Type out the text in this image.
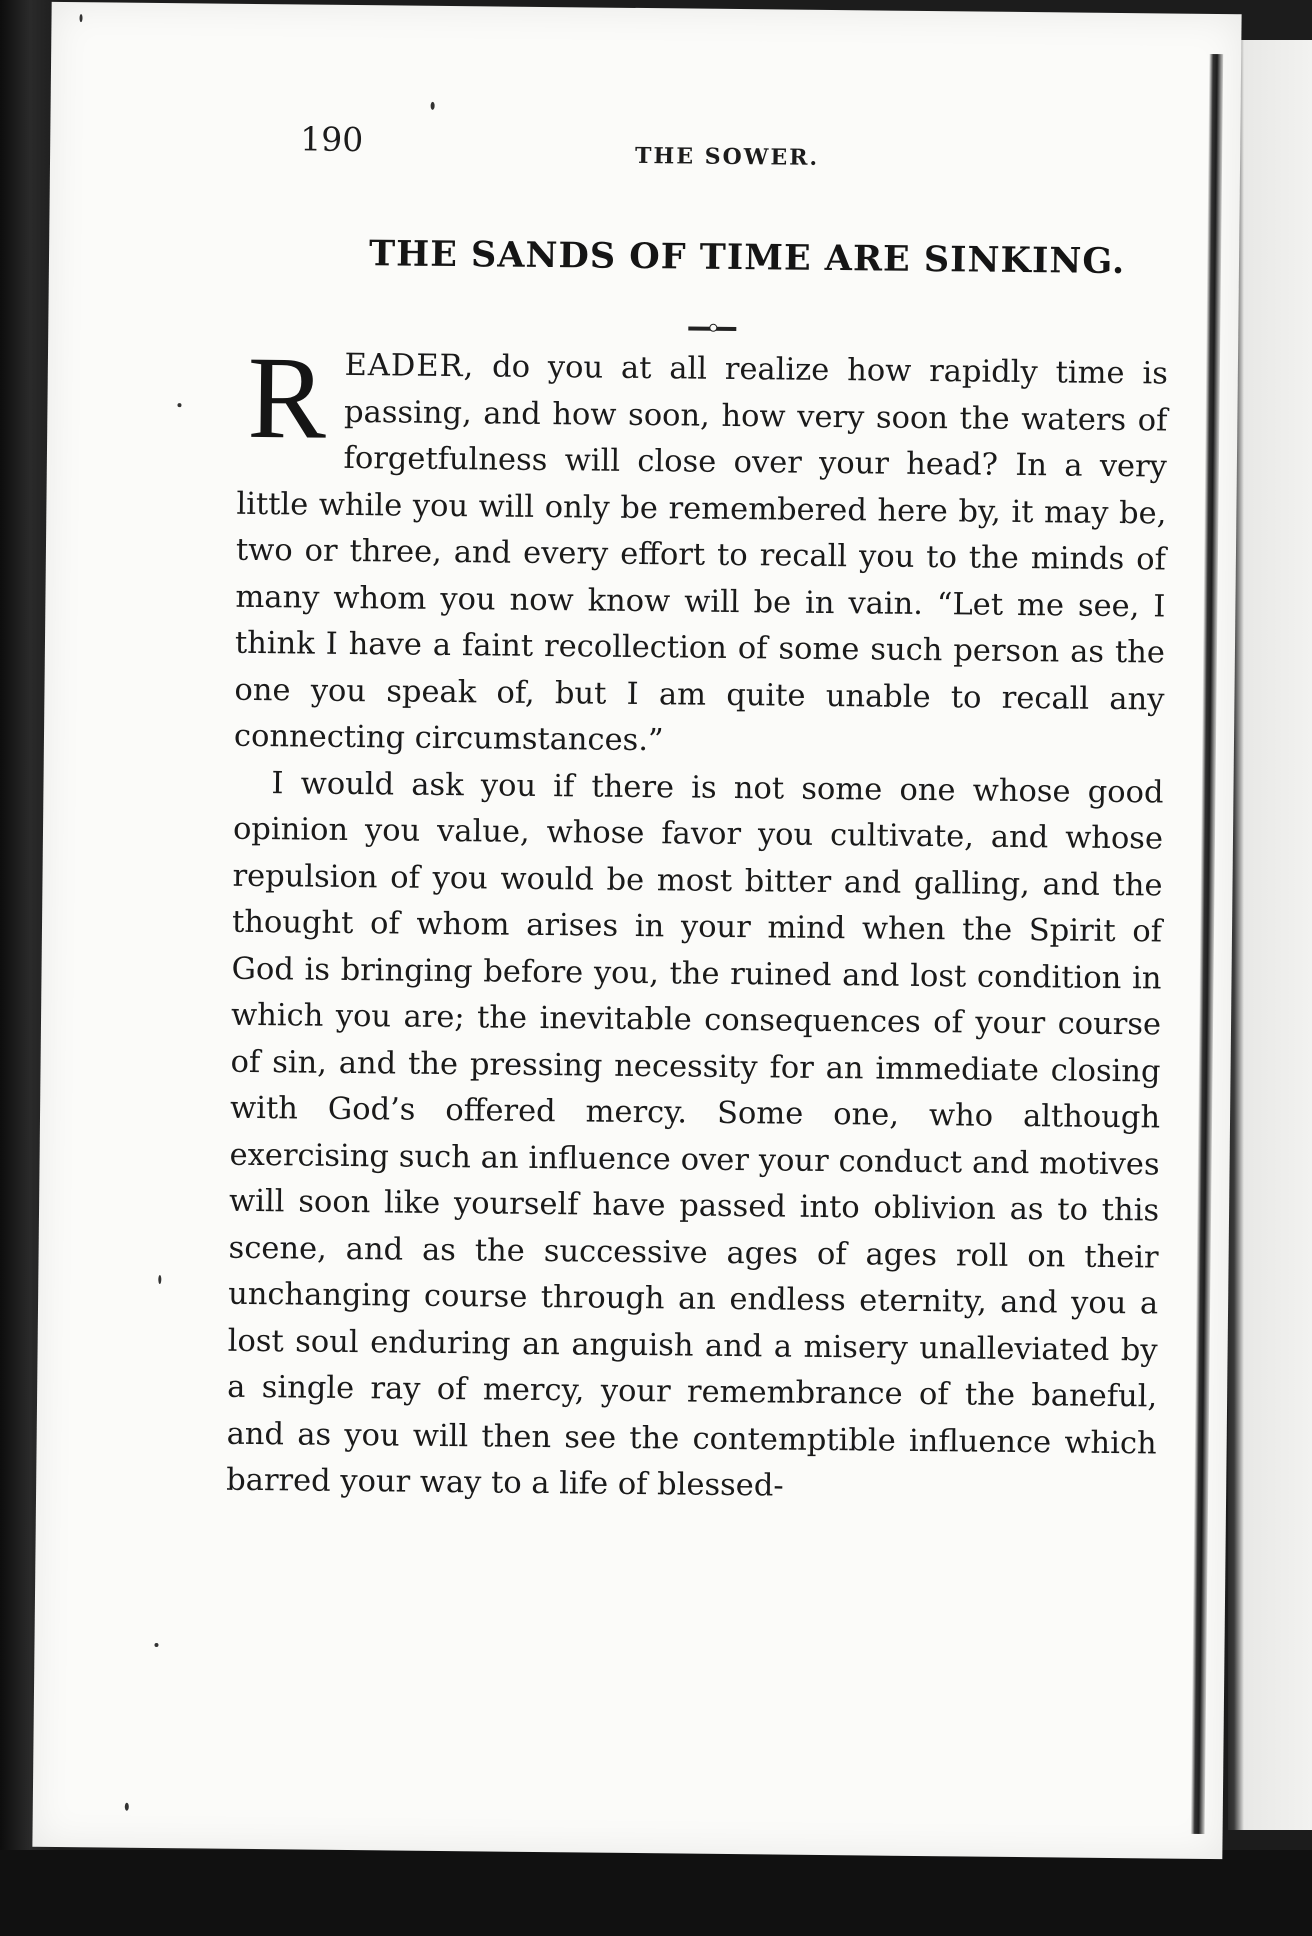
190	THE SOWER.
THE SANDS OF TIME ARE SINKING.

READER, do you at all realize how rapidly time is passing, and how soon, how very soon the waters of forgetfulness will close over your head? In a very little while you will only be remembered here by, it may be, two or three, and every effort to recall you to the minds of many whom you now know will be in vain. “Let me see, I think I have a faint recollection of some such person as the one you speak of, but I am quite unable to recall any connecting circumstances.”

I would ask you if there is not some one whose good opinion you value, whose favor you cultivate, and whose repulsion of you would be most bitter and galling, and the thought of whom arises in your mind when the Spirit of God is bringing before you, the ruined and lost condition in which you are; the inevitable consequences of your course of sin, and the pressing necessity for an immediate closing with God’s offered mercy. Some one, who although exercising such an influence over your conduct and motives will soon like yourself have passed into oblivion as to this scene, and as the successive ages of ages roll on their unchanging course through an endless eternity, and you a lost soul enduring an anguish and a misery unalleviated by a single ray of mercy, your remembrance of the baneful, and as you will then see the contemptible influence which barred your way to a life of blessed-
